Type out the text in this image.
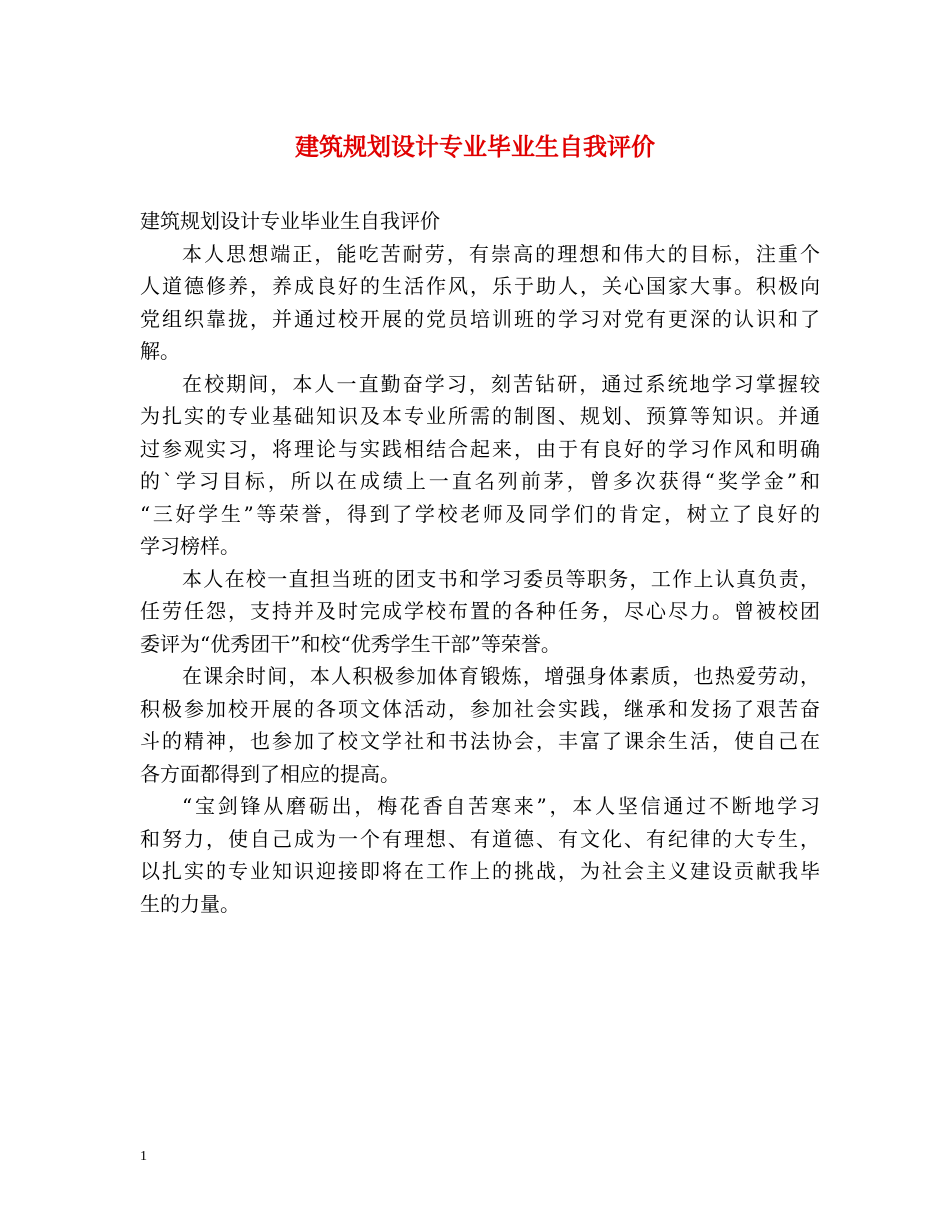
建筑规划设计专业毕业生自我评价
建筑规划设计专业毕业生自我评价
本人思想端正，能吃苦耐劳，有崇高的理想和伟大的目标，注重个
人道德修养，养成良好的生活作风，乐于助人，关心国家大事。积极向
党组织靠拢，并通过校开展的党员培训班的学习对党有更深的认识和了
解。
在校期间，本人一直勤奋学习，刻苦钻研，通过系统地学习掌握较
为扎实的专业基础知识及本专业所需的制图、规划、预算等知识。并通
过参观实习，将理论与实践相结合起来，由于有良好的学习作风和明确
的`学习目标，所以在成绩上一直名列前茅，曾多次获得“奖学金”和
“三好学生”等荣誉，得到了学校老师及同学们的肯定，树立了良好的
学习榜样。
本人在校一直担当班的团支书和学习委员等职务，工作上认真负责，
任劳任怨，支持并及时完成学校布置的各种任务，尽心尽力。曾被校团
委评为“优秀团干”和校“优秀学生干部”等荣誉。
在课余时间，本人积极参加体育锻炼，增强身体素质，也热爱劳动，
积极参加校开展的各项文体活动，参加社会实践，继承和发扬了艰苦奋
斗的精神，也参加了校文学社和书法协会，丰富了课余生活，使自己在
各方面都得到了相应的提高。
“宝剑锋从磨砺出，梅花香自苦寒来”，本人坚信通过不断地学习
和努力，使自己成为一个有理想、有道德、有文化、有纪律的大专生，
以扎实的专业知识迎接即将在工作上的挑战，为社会主义建设贡献我毕
生的力量。
1
